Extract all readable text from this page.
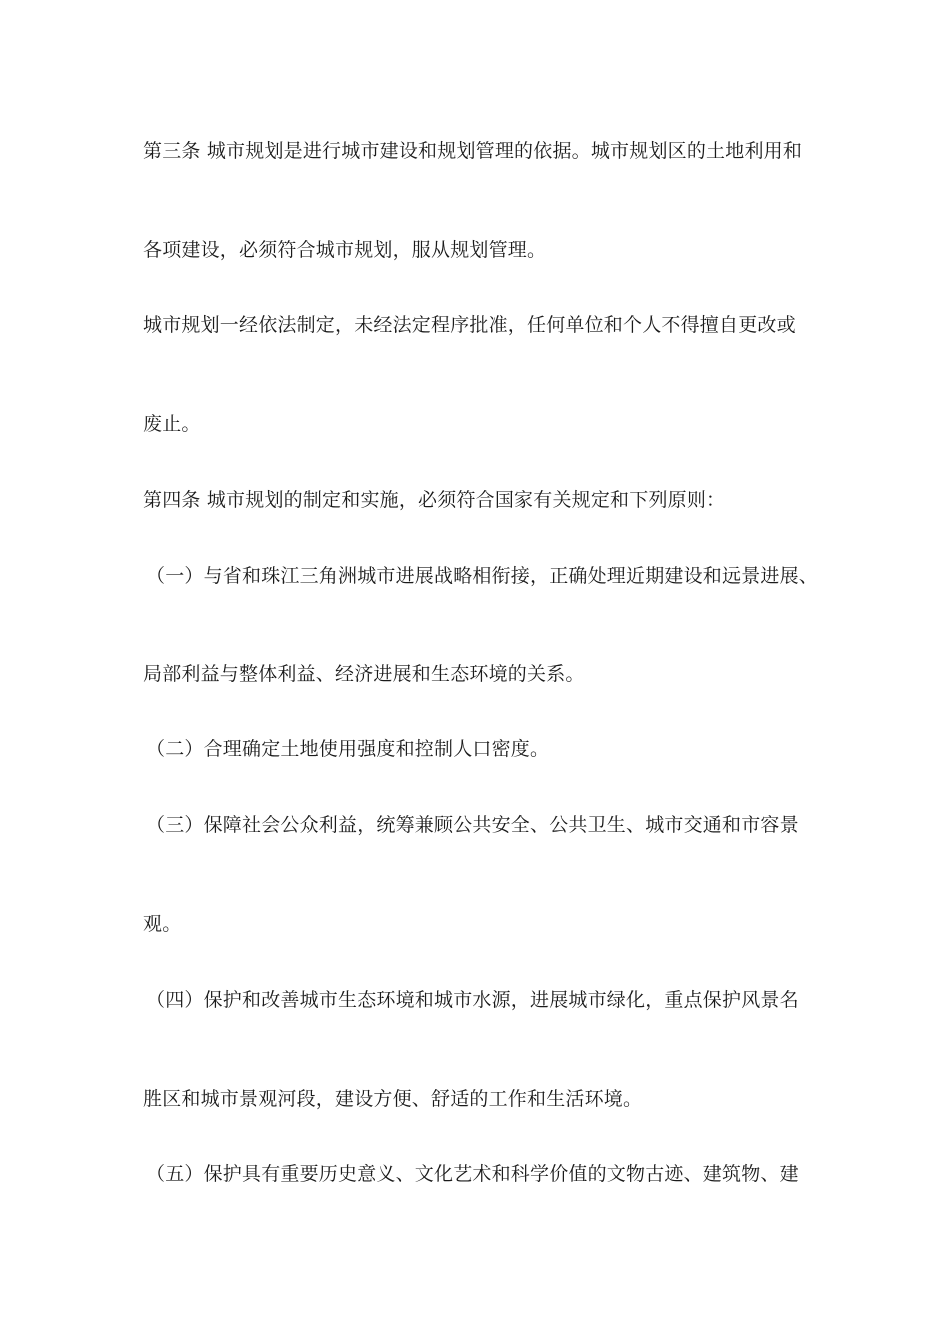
第三条 城市规划是进行城市建设和规划管理的依据。城市规划区的土地利用和

各项建设，必须符合城市规划，服从规划管理。

城市规划一经依法制定，未经法定程序批准，任何单位和个人不得擅自更改或

废止。

第四条 城市规划的制定和实施，必须符合国家有关规定和下列原则：

（一）与省和珠江三角洲城市进展战略相衔接，正确处理近期建设和远景进展、

局部利益与整体利益、经济进展和生态环境的关系。

（二）合理确定土地使用强度和控制人口密度。

（三）保障社会公众利益，统筹兼顾公共安全、公共卫生、城市交通和市容景

观。

（四）保护和改善城市生态环境和城市水源，进展城市绿化，重点保护风景名

胜区和城市景观河段，建设方便、舒适的工作和生活环境。

（五）保护具有重要历史意义、文化艺术和科学价值的文物古迹、建筑物、建
